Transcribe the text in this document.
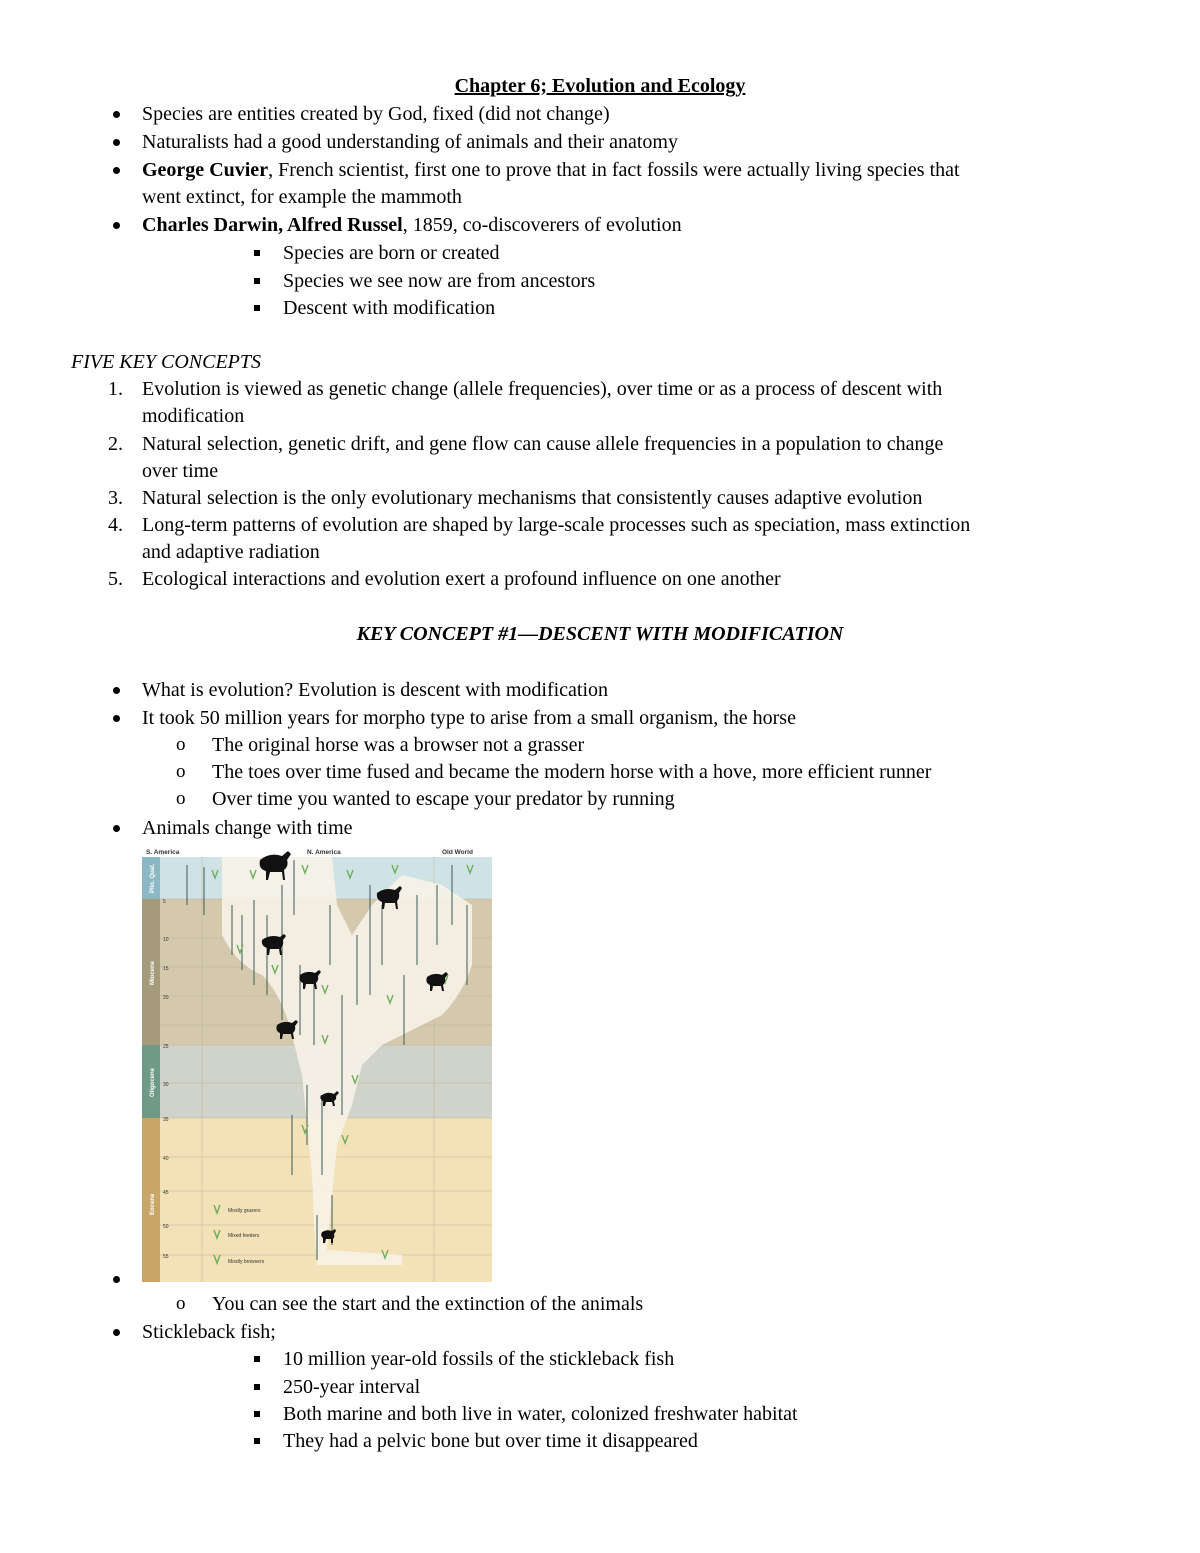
Chapter 6; Evolution and Ecology
Species are entities created by God, fixed (did not change)
Naturalists had a good understanding of animals and their anatomy
George Cuvier, French scientist, first one to prove that in fact fossils were actually living species that
went extinct, for example the mammoth
Charles Darwin, Alfred Russel, 1859, co-discoverers of evolution
Species are born or created
Species we see now are from ancestors
Descent with modification
FIVE KEY CONCEPTS
1. Evolution is viewed as genetic change (allele frequencies), over time or as a process of descent with
modification
2. Natural selection, genetic drift, and gene flow can cause allele frequencies in a population to change
over time
3. Natural selection is the only evolutionary mechanisms that consistently causes adaptive evolution
4. Long-term patterns of evolution are shaped by large-scale processes such as speciation, mass extinction
and adaptive radiation
5. Ecological interactions and evolution exert a profound influence on one another
KEY CONCEPT #1—DESCENT WITH MODIFICATION
What is evolution? Evolution is descent with modification
It took 50 million years for morpho type to arise from a small organism, the horse
o The original horse was a browser not a grasser
o The toes over time fused and became the modern horse with a hove, more efficient runner
o Over time you wanted to escape your predator by running
Animals change with time
S. America	N. America	Old World
Plio. Qual.
Miocene
Oligocene
Eocene
5
10
15
20
25
30
35
40
45
50
55
Mostly grazers
Mixed feeders
Mostly browsers
o You can see the start and the extinction of the animals
Stickleback fish;
10 million year-old fossils of the stickleback fish
250-year interval
Both marine and both live in water, colonized freshwater habitat
They had a pelvic bone but over time it disappeared
